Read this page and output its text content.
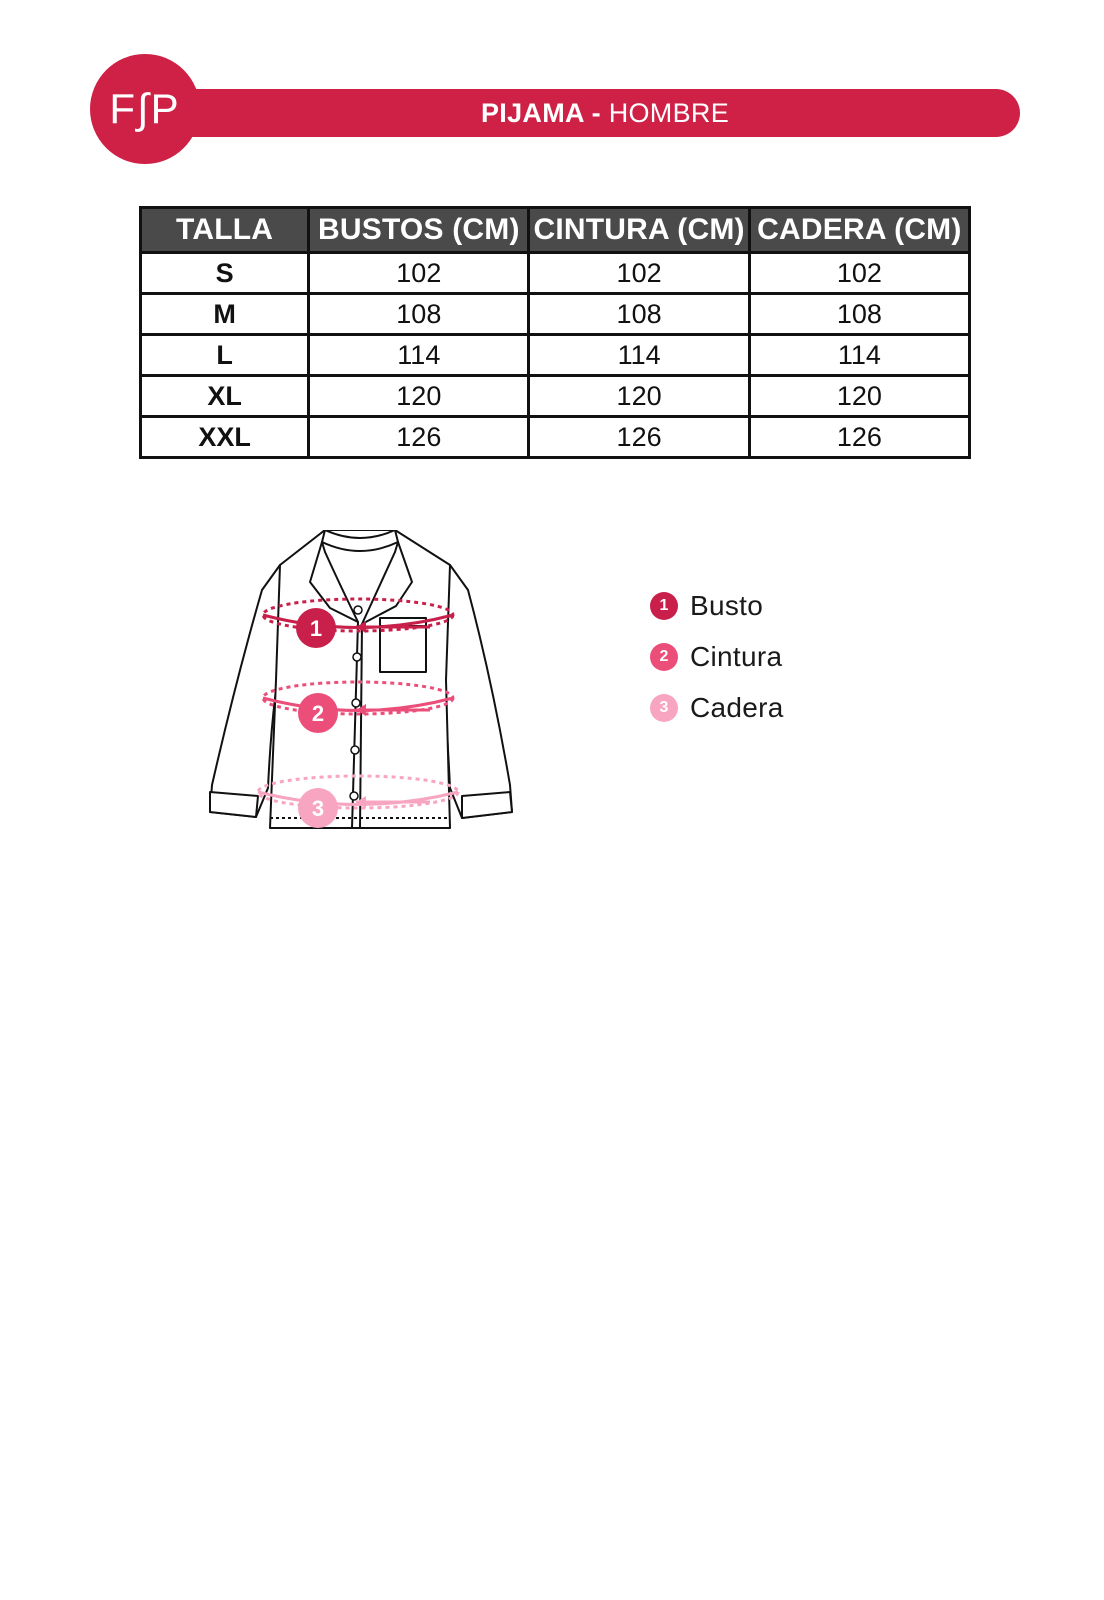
PIJAMA - HOMBRE
F∫P
TALLA	BUSTOS (CM)	CINTURA (CM)	CADERA (CM)
S	102	102	102
M	108	108	108
L	114	114	114
XL	120	120	120
XXL	126	126	126
1
2
3
1 Busto
2 Cintura
3 Cadera
